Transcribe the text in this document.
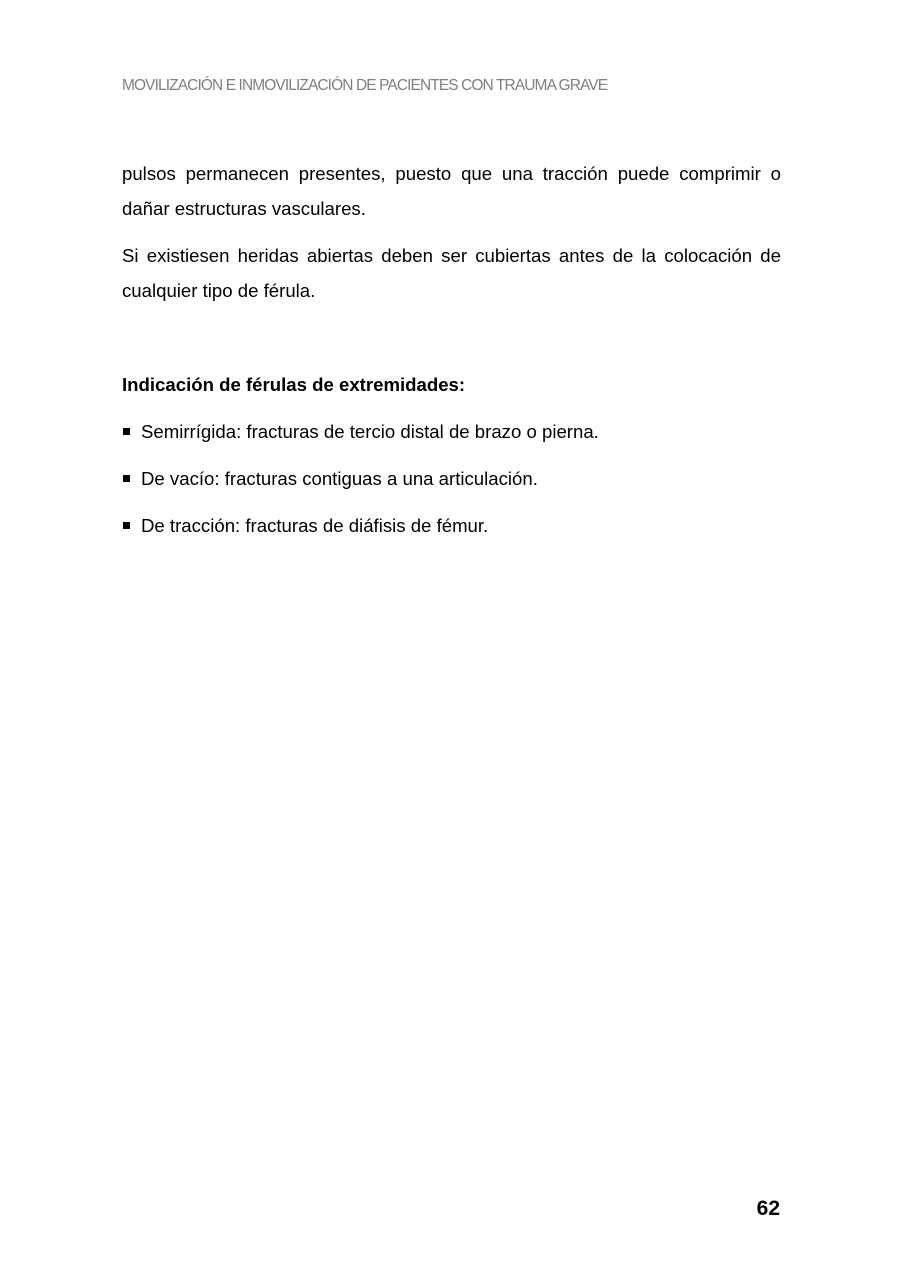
MOVILIZACIÓN E INMOVILIZACIÓN DE PACIENTES CON TRAUMA GRAVE

pulsos permanecen presentes, puesto que una tracción puede comprimir o dañar estructuras vasculares.

Si existiesen heridas abiertas deben ser cubiertas antes de la colocación de cualquier tipo de férula.

Indicación de férulas de extremidades:
Semirrígida: fracturas de tercio distal de brazo o pierna.
De vacío: fracturas contiguas a una articulación.
De tracción: fracturas de diáfisis de fémur.
62
